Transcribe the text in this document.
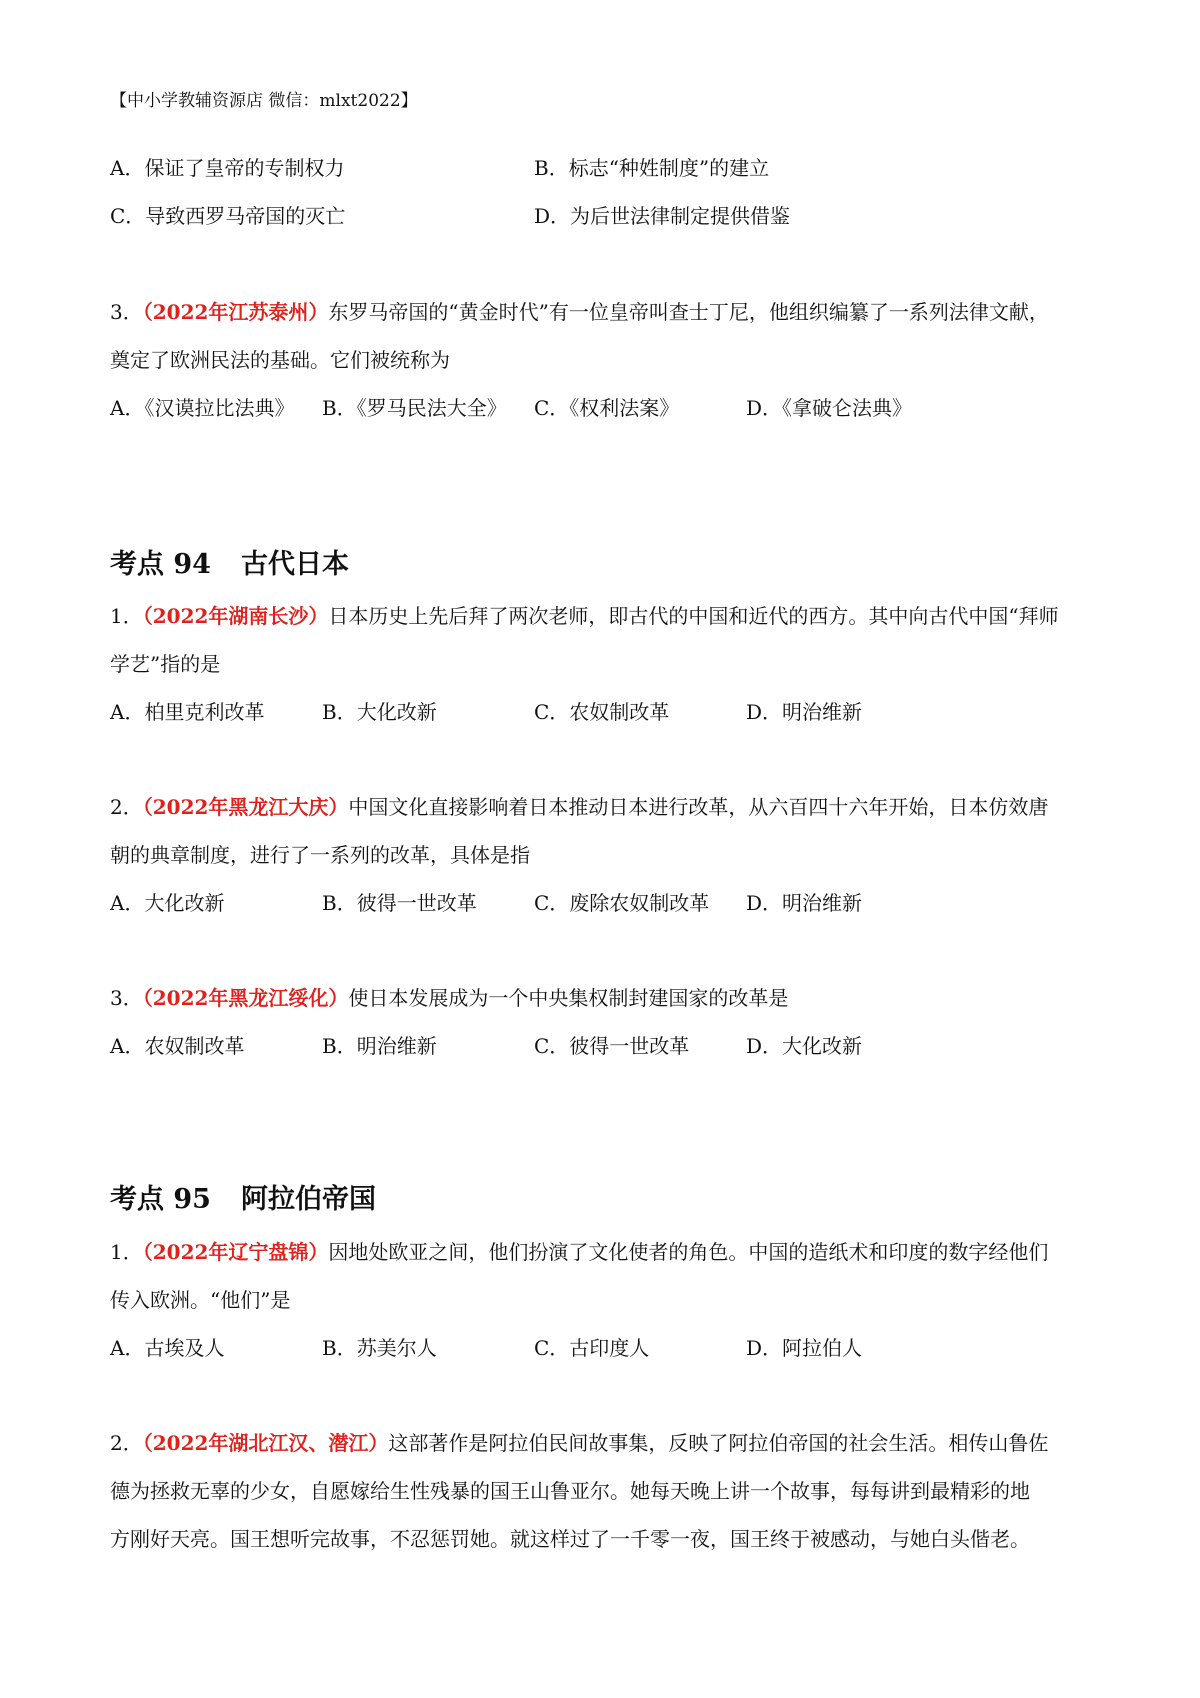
【中小学教辅资源店 微信：mlxt2022】
A．保证了皇帝的专制权力	B．标志“种姓制度”的建立
C．导致西罗马帝国的灭亡	D．为后世法律制定提供借鉴
3．（2022年江苏泰州）东罗马帝国的“黄金时代”有一位皇帝叫查士丁尼，他组织编纂了一系列法律文献，
奠定了欧洲民法的基础。它们被统称为
A．《汉谟拉比法典》 B．《罗马民法大全》 C．《权利法案》	D．《拿破仑法典》
考点 94 古代日本
1．（2022年湖南长沙）日本历史上先后拜了两次老师，即古代的中国和近代的西方。其中向古代中国“拜师
学艺”指的是
A．柏里克利改革	B．大化改新	C．农奴制改革	D．明治维新
2．（2022年黑龙江大庆）中国文化直接影响着日本推动日本进行改革，从六百四十六年开始，日本仿效唐
朝的典章制度，进行了一系列的改革，具体是指
A．大化改新	B．彼得一世改革	C．废除农奴制改革 D．明治维新
3．（2022年黑龙江绥化）使日本发展成为一个中央集权制封建国家的改革是
A．农奴制改革	B．明治维新	C．彼得一世改革	D．大化改新
考点 95 阿拉伯帝国
1．（2022年辽宁盘锦）因地处欧亚之间，他们扮演了文化使者的角色。中国的造纸术和印度的数字经他们
传入欧洲。“他们”是
A．古埃及人	B．苏美尔人	C．古印度人	D．阿拉伯人
2．（2022年湖北江汉、潜江）这部著作是阿拉伯民间故事集，反映了阿拉伯帝国的社会生活。相传山鲁佐
德为拯救无辜的少女，自愿嫁给生性残暴的国王山鲁亚尔。她每天晚上讲一个故事，每每讲到最精彩的地
方刚好天亮。国王想听完故事，不忍惩罚她。就这样过了一千零一夜，国王终于被感动，与她白头偕老。
